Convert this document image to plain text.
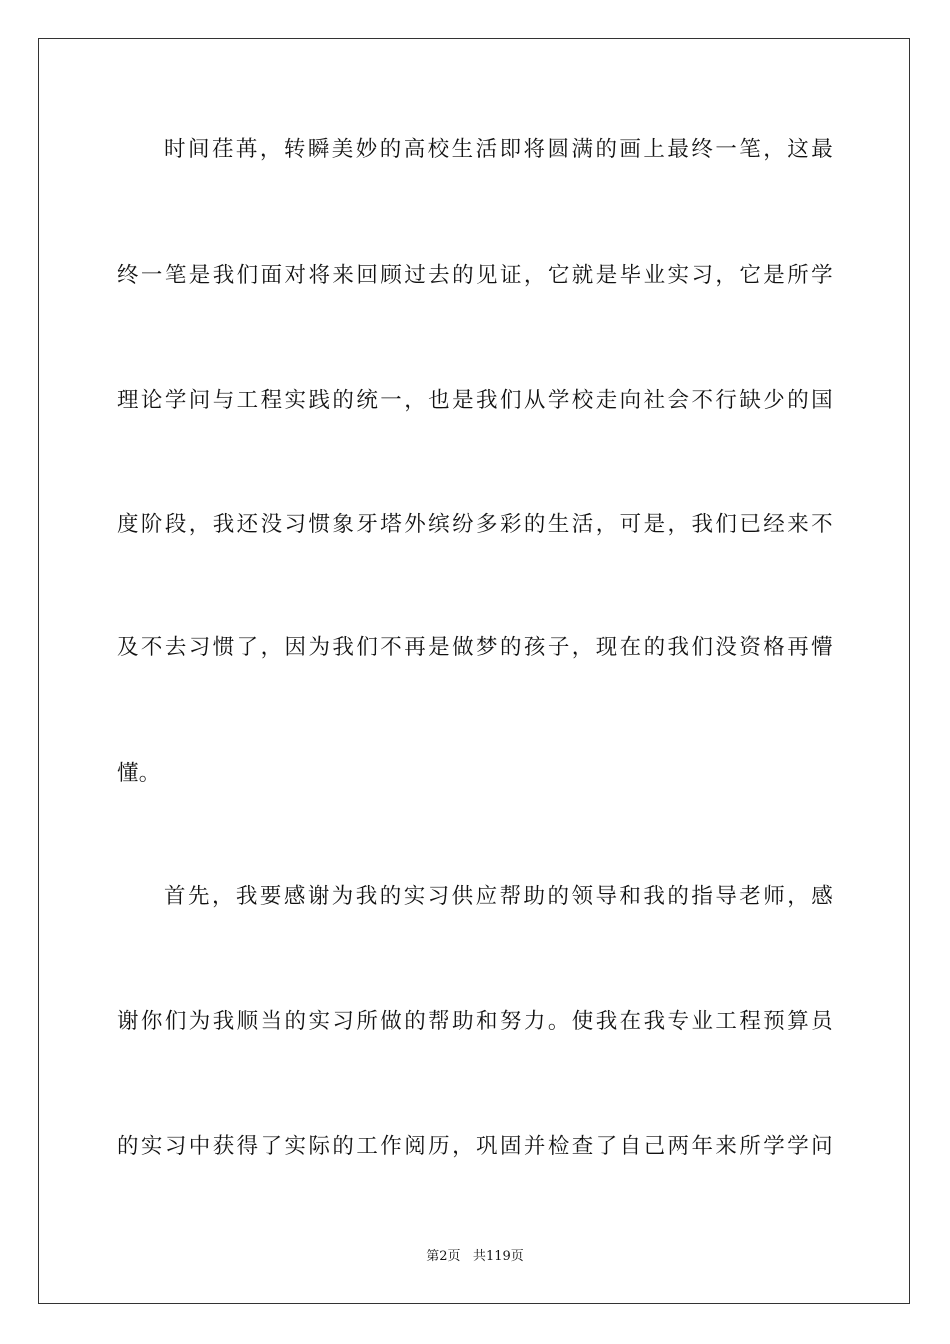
时间荏苒，转瞬美妙的高校生活即将圆满的画上最终一笔，这最
终一笔是我们面对将来回顾过去的见证，它就是毕业实习，它是所学
理论学问与工程实践的统一，也是我们从学校走向社会不行缺少的国
度阶段，我还没习惯象牙塔外缤纷多彩的生活，可是，我们已经来不
及不去习惯了，因为我们不再是做梦的孩子，现在的我们没资格再懵
懂。
首先，我要感谢为我的实习供应帮助的领导和我的指导老师，感
谢你们为我顺当的实习所做的帮助和努力。使我在我专业工程预算员
的实习中获得了实际的工作阅历，巩固并检查了自己两年来所学学问
第2页 共119页
